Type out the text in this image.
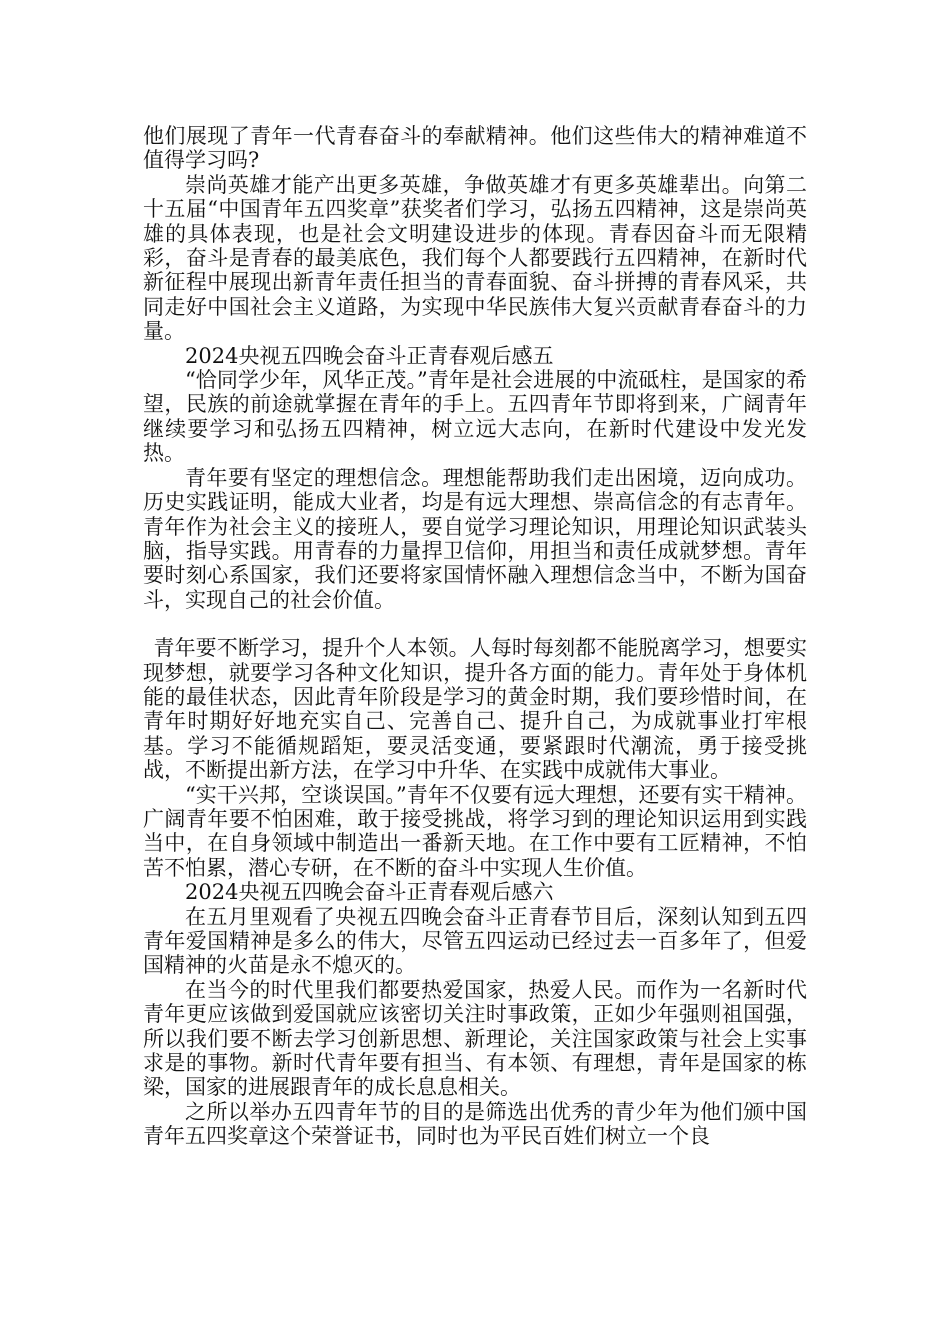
他们展现了青年一代青春奋斗的奉献精神。他们这些伟大的精神难道不值得学习吗?

崇尚英雄才能产出更多英雄，争做英雄才有更多英雄辈出。向第二十五届“中国青年五四奖章”获奖者们学习，弘扬五四精神，这是崇尚英雄的具体表现，也是社会文明建设进步的体现。青春因奋斗而无限精彩，奋斗是青春的最美底色，我们每个人都要践行五四精神，在新时代新征程中展现出新青年责任担当的青春面貌、奋斗拼搏的青春风采，共同走好中国社会主义道路，为实现中华民族伟大复兴贡献青春奋斗的力量。

2024央视五四晚会奋斗正青春观后感五

“恰同学少年，风华正茂。”青年是社会进展的中流砥柱，是国家的希望，民族的前途就掌握在青年的手上。五四青年节即将到来，广阔青年继续要学习和弘扬五四精神，树立远大志向，在新时代建设中发光发热。

青年要有坚定的理想信念。理想能帮助我们走出困境，迈向成功。历史实践证明，能成大业者，均是有远大理想、崇高信念的有志青年。青年作为社会主义的接班人，要自觉学习理论知识，用理论知识武装头脑，指导实践。用青春的力量捍卫信仰，用担当和责任成就梦想。青年要时刻心系国家，我们还要将家国情怀融入理想信念当中，不断为国奋斗，实现自己的社会价值。

青年要不断学习，提升个人本领。人每时每刻都不能脱离学习，想要实现梦想，就要学习各种文化知识，提升各方面的能力。青年处于身体机能的最佳状态，因此青年阶段是学习的黄金时期，我们要珍惜时间，在青年时期好好地充实自己、完善自己、提升自己，为成就事业打牢根基。学习不能循规蹈矩，要灵活变通，要紧跟时代潮流，勇于接受挑战，不断提出新方法，在学习中升华、在实践中成就伟大事业。

“实干兴邦，空谈误国。”青年不仅要有远大理想，还要有实干精神。广阔青年要不怕困难，敢于接受挑战，将学习到的理论知识运用到实践当中，在自身领域中制造出一番新天地。在工作中要有工匠精神，不怕苦不怕累，潜心专研，在不断的奋斗中实现人生价值。

2024央视五四晚会奋斗正青春观后感六

在五月里观看了央视五四晚会奋斗正青春节目后，深刻认知到五四青年爱国精神是多么的伟大，尽管五四运动已经过去一百多年了，但爱国精神的火苗是永不熄灭的。

在当今的时代里我们都要热爱国家，热爱人民。而作为一名新时代青年更应该做到爱国就应该密切关注时事政策，正如少年强则祖国强，所以我们要不断去学习创新思想、新理论，关注国家政策与社会上实事求是的事物。新时代青年要有担当、有本领、有理想，青年是国家的栋梁，国家的进展跟青年的成长息息相关。

之所以举办五四青年节的目的是筛选出优秀的青少年为他们颁中国青年五四奖章这个荣誉证书，同时也为平民百姓们树立一个良
